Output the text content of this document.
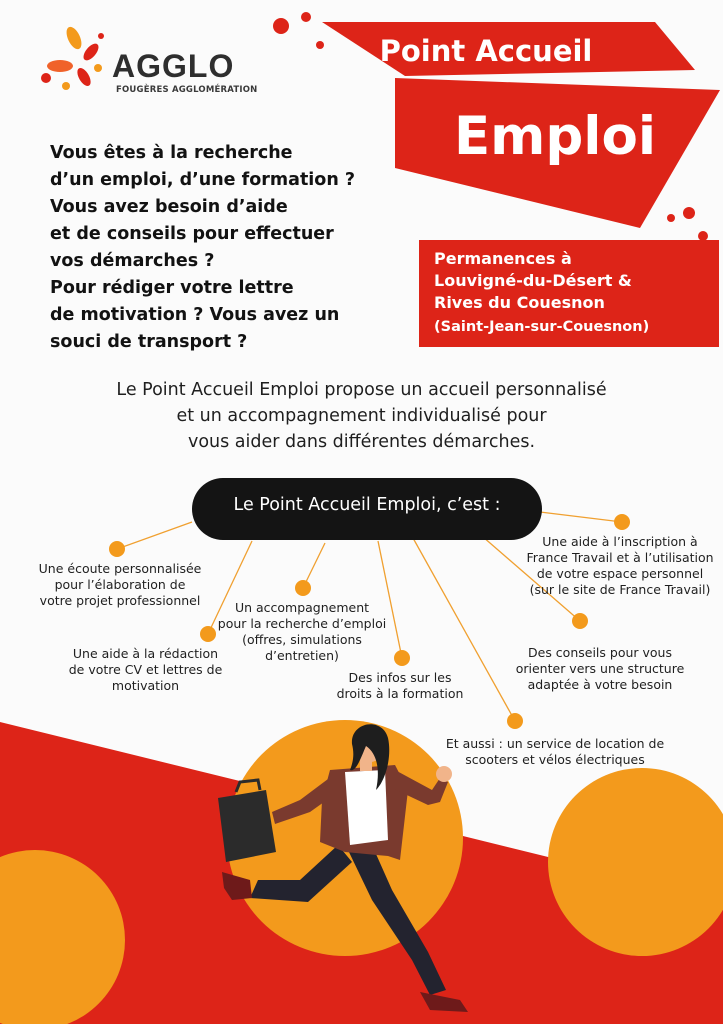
AGGLO
FOUGÈRES AGGLOMÉRATION
Point Accueil
Emploi
Permanences à
Louvigné-du-Désert &
Rives du Couesnon
(Saint-Jean-sur-Couesnon)
Vous êtes à la recherche
d’un emploi, d’une formation ?
Vous avez besoin d’aide
et de conseils pour effectuer
vos démarches ?
Pour rédiger votre lettre
de motivation ? Vous avez un
souci de transport ?
Le Point Accueil Emploi propose un accueil personnalisé
et un accompagnement individualisé pour
vous aider dans différentes démarches.
Le Point Accueil Emploi, c’est :
Une écoute personnalisée
pour l’élaboration de
votre projet professionnel
Une aide à la rédaction
de votre CV et lettres de
motivation
Un accompagnement
pour la recherche d’emploi
(offres, simulations
d’entretien)
Des infos sur les
droits à la formation
Une aide à l’inscription à
France Travail et à l’utilisation
de votre espace personnel
(sur le site de France Travail)
Des conseils pour vous
orienter vers une structure
adaptée à votre besoin
Et aussi : un service de location de
scooters et vélos électriques
